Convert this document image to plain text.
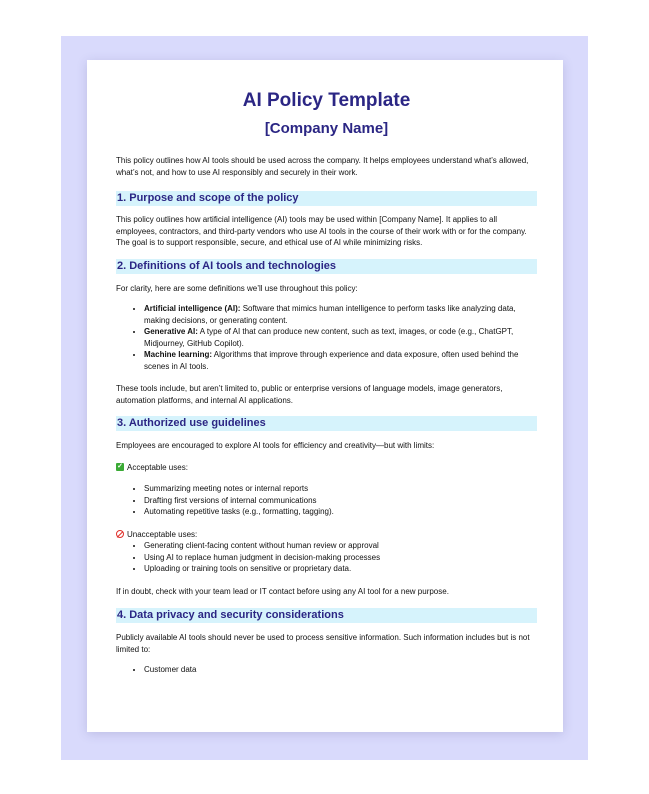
AI Policy Template
[Company Name]

This policy outlines how AI tools should be used across the company. It helps employees understand what’s allowed, what’s not, and how to use AI responsibly and securely in their work.

1. Purpose and scope of the policy

This policy outlines how artificial intelligence (AI) tools may be used within [Company Name]. It applies to all employees, contractors, and third-party vendors who use AI tools in the course of their work with or for the company. The goal is to support responsible, secure, and ethical use of AI while minimizing risks.

2. Definitions of AI tools and technologies

For clarity, here are some definitions we’ll use throughout this policy:

• Artificial intelligence (AI): Software that mimics human intelligence to perform tasks like analyzing data, making decisions, or generating content.
• Generative AI: A type of AI that can produce new content, such as text, images, or code (e.g., ChatGPT, Midjourney, GitHub Copilot).
• Machine learning: Algorithms that improve through experience and data exposure, often used behind the scenes in AI tools.

These tools include, but aren’t limited to, public or enterprise versions of language models, image generators, automation platforms, and internal AI applications.

3. Authorized use guidelines

Employees are encouraged to explore AI tools for efficiency and creativity—but with limits:

✓ Acceptable uses:

• Summarizing meeting notes or internal reports
• Drafting first versions of internal communications
• Automating repetitive tasks (e.g., formatting, tagging).

Unacceptable uses:

• Generating client-facing content without human review or approval
• Using AI to replace human judgment in decision-making processes
• Uploading or training tools on sensitive or proprietary data.

If in doubt, check with your team lead or IT contact before using any AI tool for a new purpose.

4. Data privacy and security considerations

Publicly available AI tools should never be used to process sensitive information. Such information includes but is not limited to:

• Customer data
